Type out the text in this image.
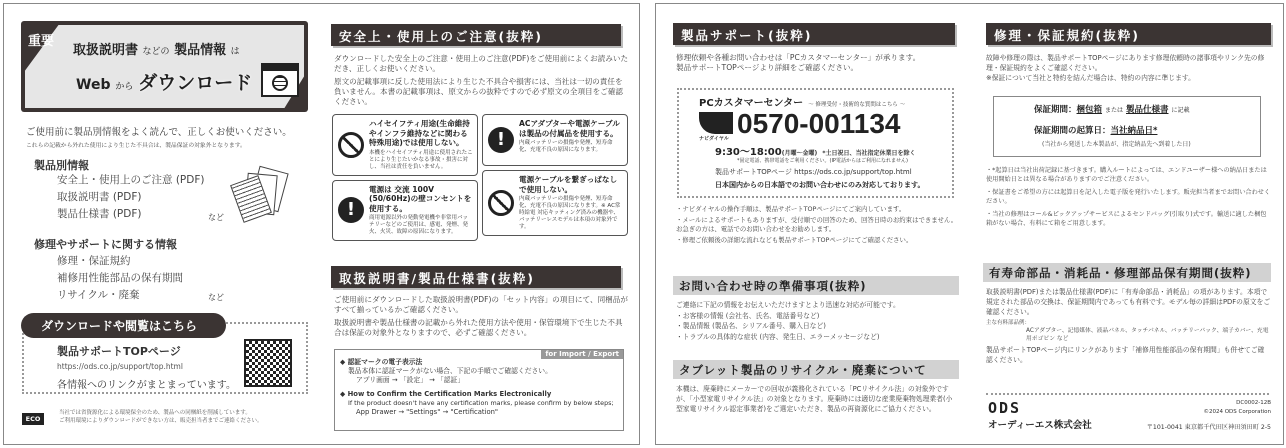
重要
取扱説明書 などの 製品情報 は
Web から ダウンロード
ご使用前に製品別情報をよく読んで、正しくお使いください。
これらの記載から外れた使用により生じた不具合は、製品保証の対象外となります。
製品別情報
安全上・使用上のご注意 (PDF)
取扱説明書 (PDF)
製品仕様書 (PDF)	など
修理やサポートに関する情報
修理・保証規約
補修用性能部品の保有期間
リサイクル・廃棄	など
ダウンロードや閲覧はこちら
製品サポートTOPページ
https://ods.co.jp/support/top.html
各情報へのリンクがまとまっています。
ECO
当社では省資源化による環境保全のため、製品への同梱紙を削減しています。
ご利用環境によりダウンロードができない方は、販売担当者までご連絡ください。
安全上・使用上のご注意(抜粋)

ダウンロードした安全上のご注意・使用上のご注意(PDF)をご使用前によくお読みいただき、正しくお使いください。

原文の記載事項に反した使用法により生じた不具合や損害には、当社は一切の責任を負いません。本書の記載事項は、原文からの抜粋ですので必ず原文の全項目をご確認ください。

ハイセイフティ用途(生命維持やインフラ維持などに関わる特殊用途)では使用しない。
本機をハイセイフティ用途に使用されたことにより生じたいかなる事故・損害に対し、当社は責任を負いません。
!
電源は 交流 100V (50/60Hz)の壁コンセントを使用する。
商用電源以外の発動発電機や非常用バッテリーなどのご使用は、感電、発煙、発火、火災、故障の原因になります。
!
ACアダプターや電源ケーブルは製品の付属品を使用する。
内蔵バッテリーの損傷や発煙、短寿命化、充電不良の原因になります。
電源ケーブルを繋ぎっぱなしで使用しない。
内蔵バッテリーの損傷や発煙、短寿命化、充電不良の原因になります。※ AC常時給電 対応キッティング済みの機器や、バッテリーレスモデルは本項の対象外です。
取扱説明書/製品仕様書(抜粋)

ご使用前にダウンロードした取扱説明書(PDF)の「セット内容」の項目にて、同梱品がすべて揃っているかご確認ください。

取扱説明書や製品仕様書の記載から外れた使用方法や使用・保管環境下で生じた不具合は保証の対象外となりますので、必ずご確認ください。

for Import / Export
◆ 認証マークの電子表示法
製品本体に認証マークがない場合、下記の手順でご確認ください。
アプリ画面 → 「設定」 → 「認証」
◆ How to Confirm the Certification Marks Electronically
If the product doesn't have any certification marks, please confirm by below steps;
App Drawer → "Settings" → "Certification"
製品サポート(抜粋)
修理依頼や各種お問い合わせは「PCカスタマーセンター」が承ります。
製品サポートTOPページより詳細をご確認ください。
PCカスタマーセンター ～ 修理受付・技術的な質問はこちら ～
ナビダイヤル 0570-001134
9:30～18:00(月曜～金曜) *土日祝日、当社指定休業日を除く
*固定電話、携帯電話をご利用ください。(IP電話からはご利用になれません)
製品サポートTOPページ https://ods.co.jp/support/top.html
日本国内からの日本語でのお問い合わせにのみ対応しております。
・ナビダイヤルの操作手順は、製品サポートTOPページにてご案内しています。
・メールによるサポートもありますが、受付順での回答のため、回答日時のお約束はできません。お急ぎの方は、電話でのお問い合わせをお勧めします。
・修理ご依頼後の詳細な流れなども製品サポートTOPページにてご確認ください。
お問い合わせ時の準備事項(抜粋)
ご連絡に下記の情報をお伝えいただけますとより迅速な対応が可能です。
・お客様の情報 (会社名、氏名、電話番号など)
・製品情報 (製品名、シリアル番号、購入日など)
・トラブルの具体的な症状 (内容、発生日、エラーメッセージなど)
タブレット製品のリサイクル・廃棄について
本機は、廃棄時にメーカーでの回収が義務化されている「PCリサイクル法」の対象外ですが、「小型家電リサイクル法」の対象となります。廃棄時には適切な産業廃棄物処理業者(小型家電リサイクル認定事業者)をご選定いただき、製品の再資源化にご協力ください。
修理・保証規約(抜粋)
故障や修理の際は、製品サポートTOPページにあります修理依頼時の諸事項やリンク先の修理・保証規約をよくご確認ください。
※保証について当社と特約を結んだ場合は、特約の内容に準じます。
保証期間：梱包箱 または 製品仕様書 に記載
保証期間の起算日：当社納品日*
(当社から発送した本製品が、指定納品先へ到着した日)
・*起算日は当社出荷記録に基づきます。購入ルートによっては、エンドユーザー様への納品日または使用開始日とは異なる場合がありますのでご注意ください。
・保証書をご希望の方には起算日を記入した電子版を発行いたします。販売担当者までお問い合わせください。
・当社の修理はコール&ピックアップサービスによるセンドバッグ(引取り)式です。輸送に適した梱包箱がない場合、有料にて箱をご用意します。
有寿命部品・消耗品・修理部品保有期間(抜粋)
取扱説明書(PDF)または製品仕様書(PDF)に「有寿命部品・消耗品」の項があります。本項で規定された部品の交換は、保証期間内であっても有料です。モデル毎の詳細はPDFの原文をご確認ください。
主な有料部品例：
ACアダプター、記憶媒体、液晶パネル、タッチパネル、バッテリーパック、端子カバー、充電用ポゴピン など
製品サポートTOPページ内にリンクがあります「補修用性能部品の保有期間」も併せてご確認ください。
ODS
オーディーエス株式会社
DC0002-12B
©2024 ODS Corporation
〒101-0041 東京都千代田区神田須田町 2-5
